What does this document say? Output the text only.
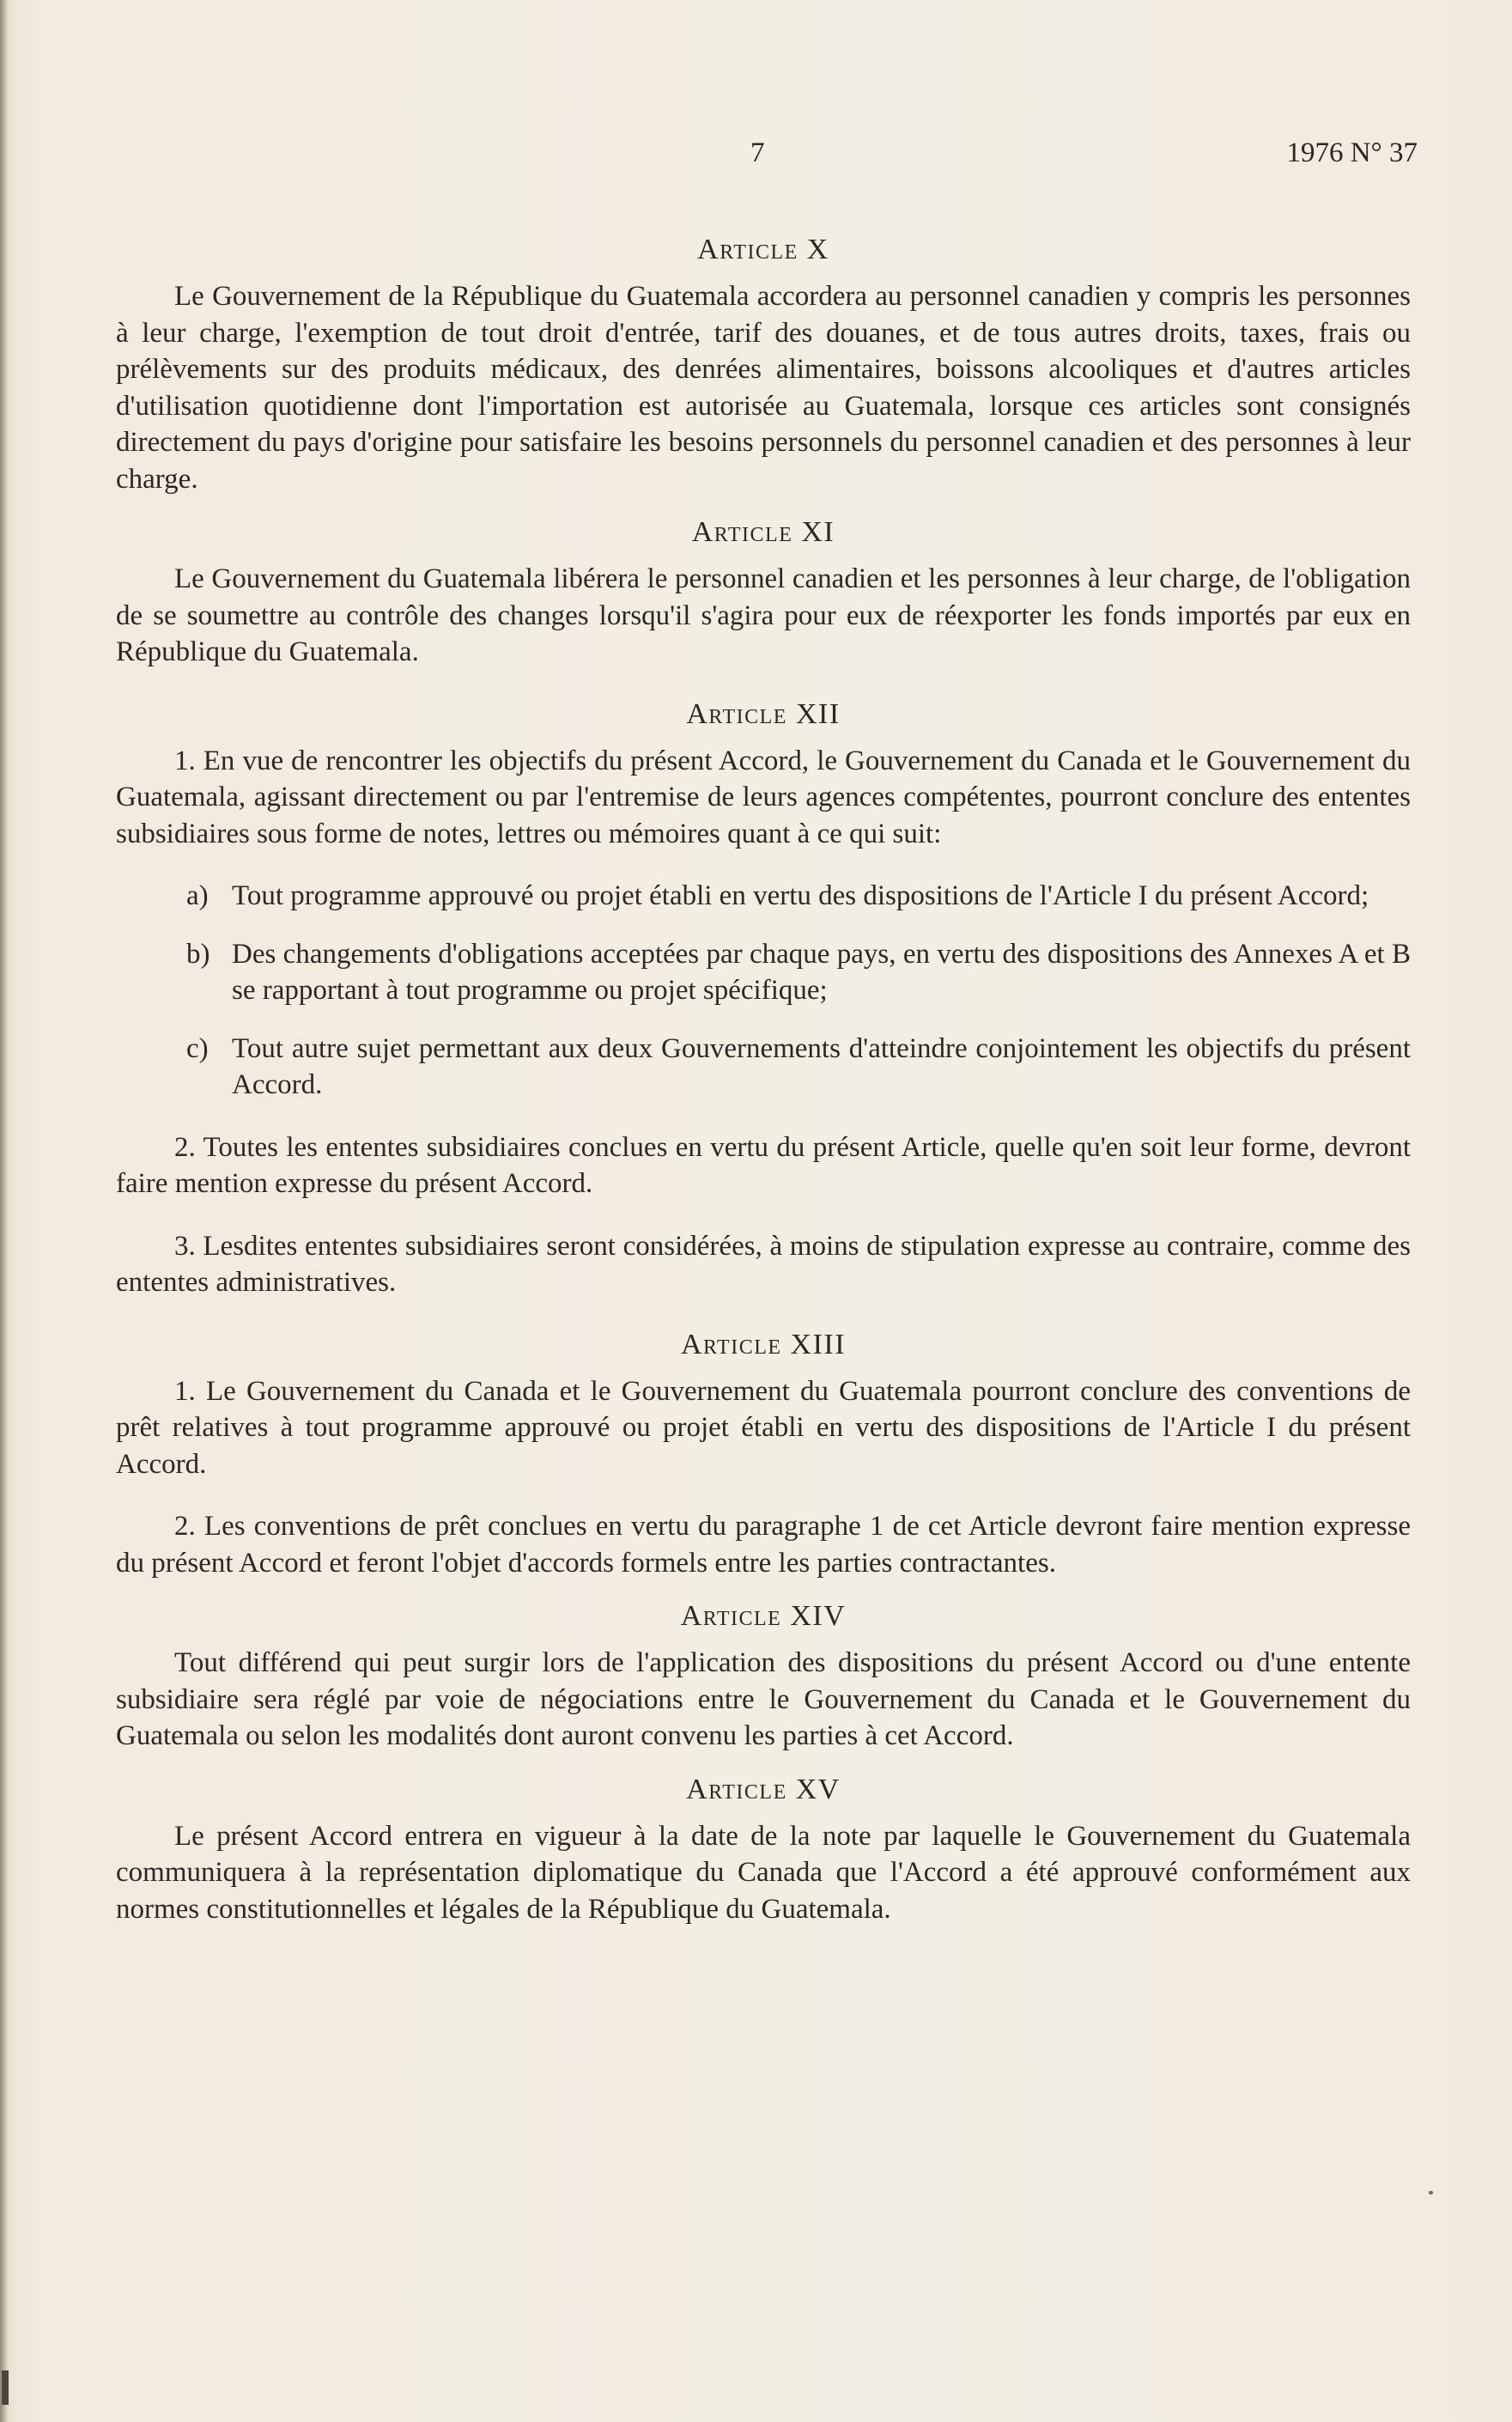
7	1976 N° 37
Article X

Le Gouvernement de la République du Guatemala accordera au personnel canadien y compris les personnes à leur charge, l'exemption de tout droit d'entrée, tarif des douanes, et de tous autres droits, taxes, frais ou prélèvements sur des produits médicaux, des denrées alimentaires, boissons alcooliques et d'autres articles d'utilisation quotidienne dont l'importation est autorisée au Guatemala, lorsque ces articles sont consignés directement du pays d'origine pour satisfaire les besoins personnels du personnel canadien et des personnes à leur charge.

Article XI

Le Gouvernement du Guatemala libérera le personnel canadien et les personnes à leur charge, de l'obligation de se soumettre au contrôle des changes lorsqu'il s'agira pour eux de réexporter les fonds importés par eux en République du Guatemala.

Article XII

1. En vue de rencontrer les objectifs du présent Accord, le Gouvernement du Canada et le Gouvernement du Guatemala, agissant directement ou par l'entremise de leurs agences compétentes, pourront conclure des ententes subsidiaires sous forme de notes, lettres ou mémoires quant à ce qui suit:

a) Tout programme approuvé ou projet établi en vertu des dispositions de l'Article I du présent Accord;
b) Des changements d'obligations acceptées par chaque pays, en vertu des dispositions des Annexes A et B se rapportant à tout programme ou projet spécifique;
c) Tout autre sujet permettant aux deux Gouvernements d'atteindre conjointement les objectifs du présent Accord.

2. Toutes les ententes subsidiaires conclues en vertu du présent Article, quelle qu'en soit leur forme, devront faire mention expresse du présent Accord.

3. Lesdites ententes subsidiaires seront considérées, à moins de stipulation expresse au contraire, comme des ententes administratives.

Article XIII

1. Le Gouvernement du Canada et le Gouvernement du Guatemala pourront conclure des conventions de prêt relatives à tout programme approuvé ou projet établi en vertu des dispositions de l'Article I du présent Accord.

2. Les conventions de prêt conclues en vertu du paragraphe 1 de cet Article devront faire mention expresse du présent Accord et feront l'objet d'accords formels entre les parties contractantes.

Article XIV

Tout différend qui peut surgir lors de l'application des dispositions du présent Accord ou d'une entente subsidiaire sera réglé par voie de négociations entre le Gouvernement du Canada et le Gouvernement du Guatemala ou selon les modalités dont auront convenu les parties à cet Accord.

Article XV

Le présent Accord entrera en vigueur à la date de la note par laquelle le Gouvernement du Guatemala communiquera à la représentation diplomatique du Canada que l'Accord a été approuvé conformément aux normes constitutionnelles et légales de la République du Guatemala.
